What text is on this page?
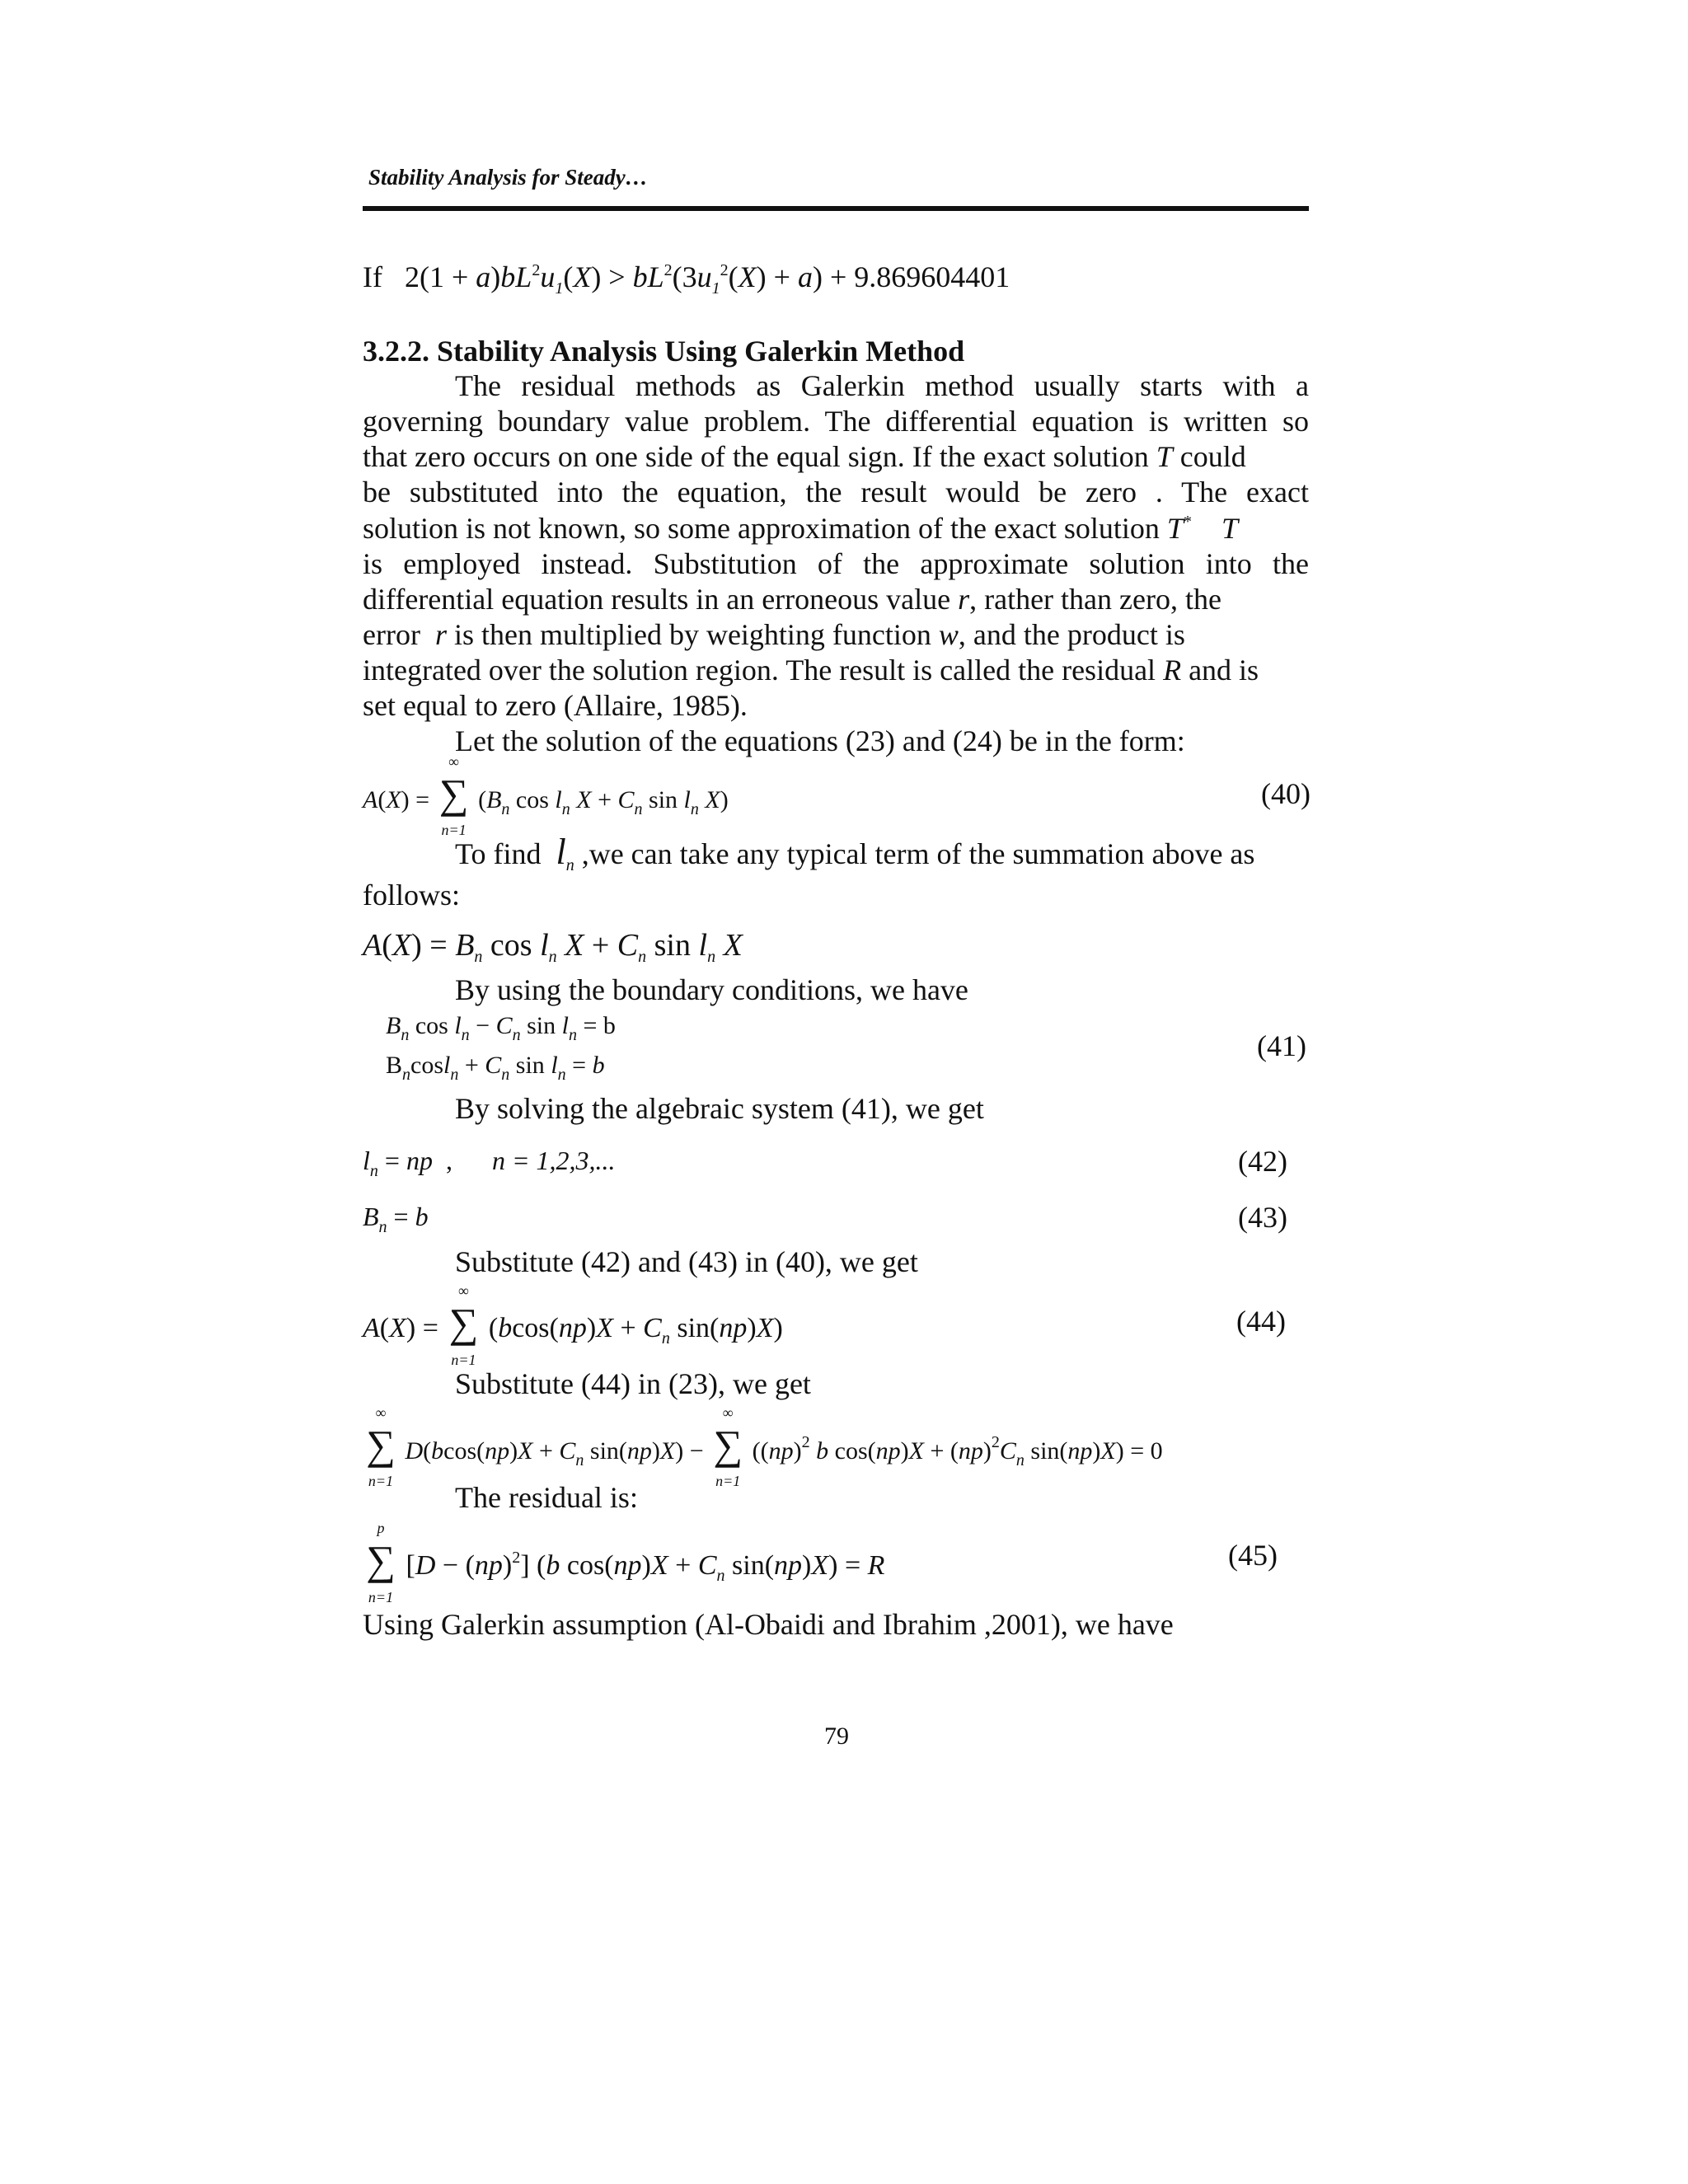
Stability Analysis for Steady…
If   $2(1 + a)bL^2u_1(X) > bL^2(3u_1^2(X) + a) + 9.869604401$
3.2.2. Stability Analysis Using Galerkin Method
The residual methods as Galerkin method usually starts with a
governing boundary value problem. The differential equation is written so
that zero occurs on one side of the equal sign. If the exact solution T could
be substituted into the equation, the result would be zero . The exact
solution is not known, so some approximation of the exact solution T* T
is employed instead. Substitution of the approximate solution into the
differential equation results in an erroneous value r, rather than zero, the
error r is then multiplied by weighting function w, and the product is
integrated over the solution region. The result is called the residual R and is
set equal to zero (Allaire, 1985).
Let the solution of the equations (23) and (24) be in the form:
A(X) =
∞
∑
n=1
($B_n$ $\cos l_n$ $X + C_n$ $\sin l_n$ X)	(40)
To find $l_n$ ,we can take any typical term of the summation above as
follows:
$A(X) = B_n$ $\cos l_n$ $X + C_n$ $\sin l_n$ X
By using the boundary conditions, we have
$B_n$ $\cos l_n - C_n$ $\sin l_n = b$
$B_n\cos l_n + C_n$ $\sin l_n = b$
(41)
By solving the algebraic system (41), we get
$l_n$ = np  ,      n = 1,2,3,...	(42)
$B_n = b$	(43)
Substitute (42) and (43) in (40), we get
A(X) =
∞
∑
n=1
($bcos(np)X + C_n$ sin(np)X)	(44)
Substitute (44) in (23), we get
∞
∑
n=1
$D(bcos(np)X + C_n$ sin(np)X) −
∞
∑
n=1
((np)$^2$ b $\cos(np)X + (np)^2C_n$ sin(np)X) = 0
The residual is:
p
∑
n=1
[D − (np)$^2$] (b $\cos(np)X + C_n$ sin(np)X) = R	(45)
Using Galerkin assumption (Al-Obaidi and Ibrahim ,2001), we have
79
